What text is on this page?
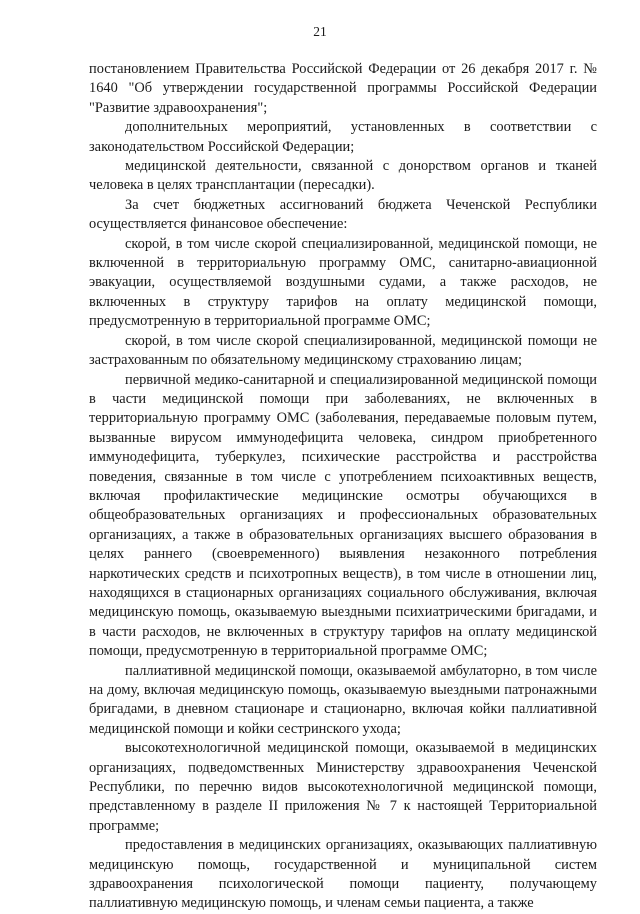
21

постановлением Правительства Российской Федерации от 26 декабря 2017 г. № 1640 "Об утверждении государственной программы Российской Федерации "Развитие здравоохранения";

дополнительных мероприятий, установленных в соответствии с законодательством Российской Федерации;

медицинской деятельности, связанной с донорством органов и тканей человека в целях трансплантации (пересадки).

За счет бюджетных ассигнований бюджета Чеченской Республики осуществляется финансовое обеспечение:

скорой, в том числе скорой специализированной, медицинской помощи, не включенной в территориальную программу ОМС, санитарно-авиационной эвакуации, осуществляемой воздушными судами, а также расходов, не включенных в структуру тарифов на оплату медицинской помощи, предусмотренную в территориальной программе ОМС;

скорой, в том числе скорой специализированной, медицинской помощи не застрахованным по обязательному медицинскому страхованию лицам;

первичной медико-санитарной и специализированной медицинской помощи в части медицинской помощи при заболеваниях, не включенных в территориальную программу ОМС (заболевания, передаваемые половым путем, вызванные вирусом иммунодефицита человека, синдром приобретенного иммунодефицита, туберкулез, психические расстройства и расстройства поведения, связанные в том числе с употреблением психоактивных веществ, включая профилактические медицинские осмотры обучающихся в общеобразовательных организациях и профессиональных образовательных организациях, а также в образовательных организациях высшего образования в целях раннего (своевременного) выявления незаконного потребления наркотических средств и психотропных веществ), в том числе в отношении лиц, находящихся в стационарных организациях социального обслуживания, включая медицинскую помощь, оказываемую выездными психиатрическими бригадами, и в части расходов, не включенных в структуру тарифов на оплату медицинской помощи, предусмотренную в территориальной программе ОМС;

паллиативной медицинской помощи, оказываемой амбулаторно, в том числе на дому, включая медицинскую помощь, оказываемую выездными патронажными бригадами, в дневном стационаре и стационарно, включая койки паллиативной медицинской помощи и койки сестринского ухода;

высокотехнологичной медицинской помощи, оказываемой в медицинских организациях, подведомственных Министерству здравоохранения Чеченской Республики, по перечню видов высокотехнологичной медицинской помощи, представленному в разделе II приложения № 7 к настоящей Территориальной программе;

предоставления в медицинских организациях, оказывающих паллиативную медицинскую помощь, государственной и муниципальной систем здравоохранения психологической помощи пациенту, получающему паллиативную медицинскую помощь, и членам семьи пациента, а также
